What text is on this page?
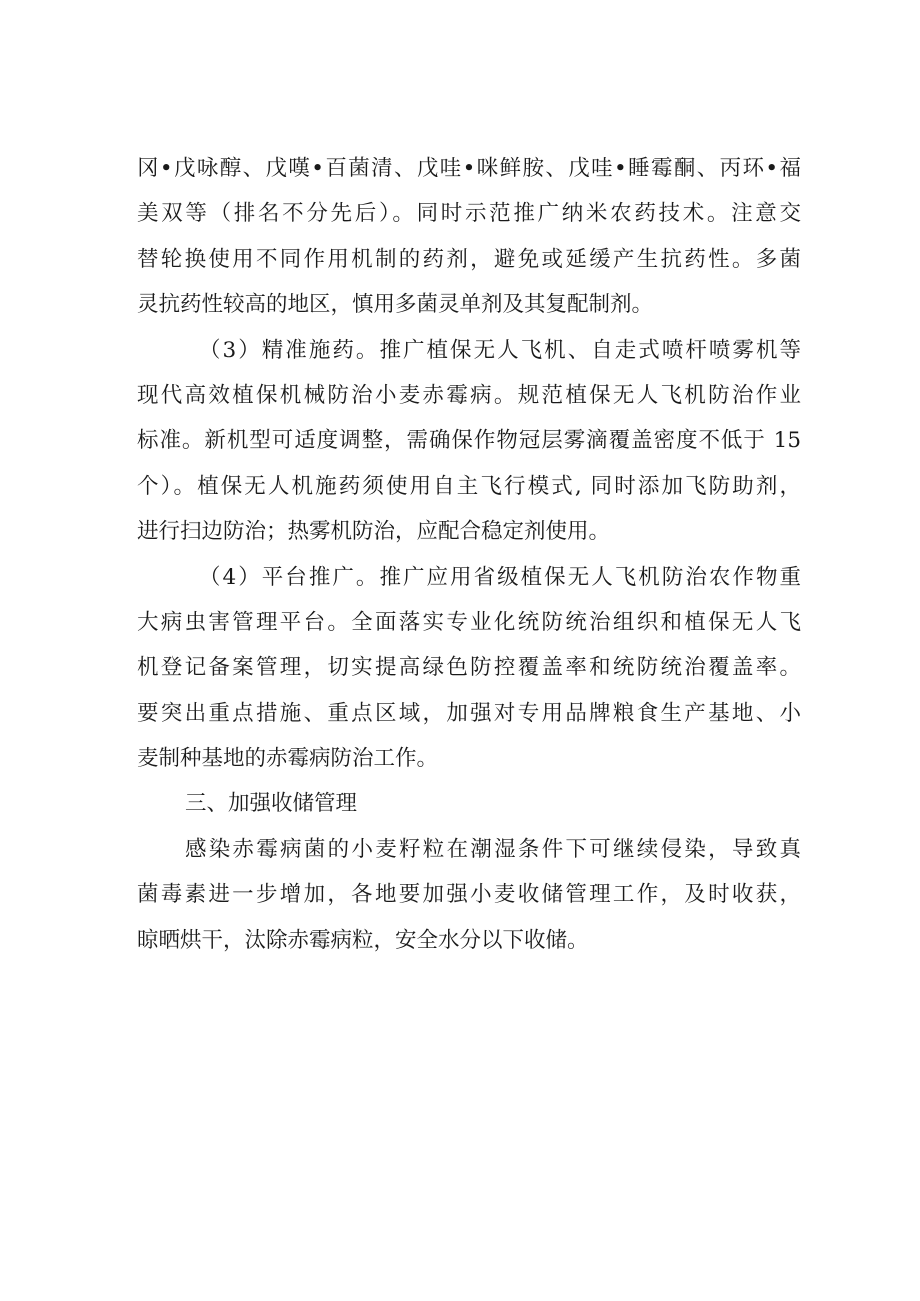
冈•戊咏醇、戊嘆•百菌清、戊哇•咪鲜胺、戊哇•睡霉酮、丙环•福
美双等（排名不分先后）。同时示范推广纳米农药技术。注意交
替轮换使用不同作用机制的药剂，避免或延缓产生抗药性。多菌
灵抗药性较高的地区，慎用多菌灵单剂及其复配制剂。
（3）精准施药。推广植保无人飞机、自走式喷杆喷雾机等
现代高效植保机械防治小麦赤霉病。规范植保无人飞机防治作业
标准。新机型可适度调整，需确保作物冠层雾滴覆盖密度不低于 15
个）。植保无人机施药须使用自主飞行模式, 同时添加飞防助剂，
进行扫边防治；热雾机防治，应配合稳定剂使用。
（4）平台推广。推广应用省级植保无人飞机防治农作物重
大病虫害管理平台。全面落实专业化统防统治组织和植保无人飞
机登记备案管理，切实提高绿色防控覆盖率和统防统治覆盖率。
要突出重点措施、重点区域，加强对专用品牌粮食生产基地、小
麦制种基地的赤霉病防治工作。
三、加强收储管理
感染赤霉病菌的小麦籽粒在潮湿条件下可继续侵染，导致真
菌毒素进一步增加，各地要加强小麦收储管理工作，及时收获，
晾晒烘干，汰除赤霉病粒，安全水分以下收储。
